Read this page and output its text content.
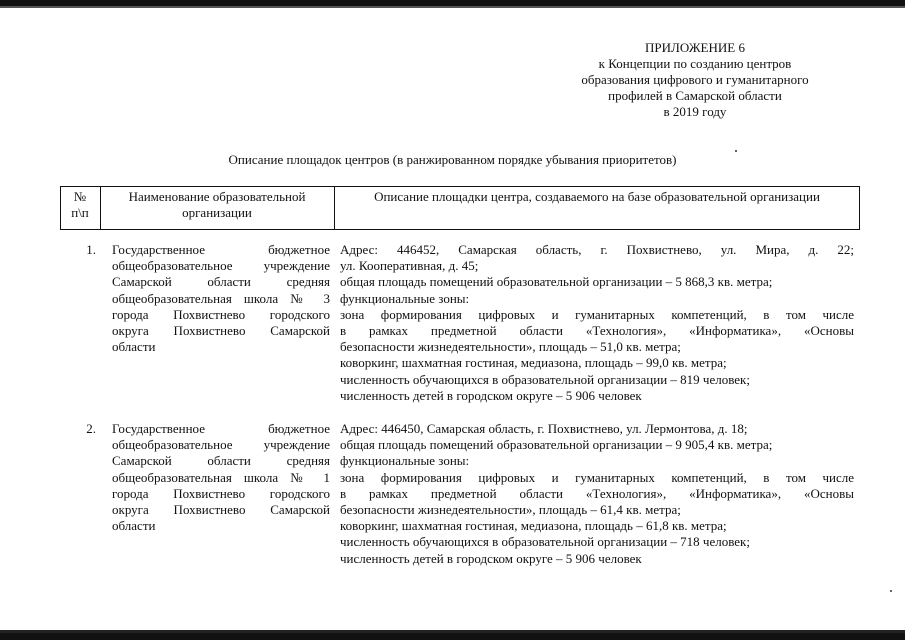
ПРИЛОЖЕНИЕ 6
к Концепции по созданию центров
образования цифрового и гуманитарного
профилей в Самарской области
в 2019 году
Описание площадок центров (в ранжированном порядке убывания приоритетов)
№
п\п
Наименование образовательной
организации
Описание площадки центра, создаваемого на базе образовательной организации
1. Государственное бюджетное
общеобразовательное учреждение
Самарской области средняя
общеобразовательная школа № 3
города Похвистнево городского
округа Похвистнево Самарской
области
Адрес: 446452, Самарская область, г. Похвистнево, ул. Мира, д. 22;
ул. Кооперативная, д. 45;
общая площадь помещений образовательной организации – 5 868,3 кв. метра;
функциональные зоны:
зона формирования цифровых и гуманитарных компетенций, в том числе
в рамках предметной области «Технология», «Информатика», «Основы
безопасности жизнедеятельности», площадь – 51,0 кв. метра;
коворкинг, шахматная гостиная, медиазона, площадь – 99,0 кв. метра;
численность обучающихся в образовательной организации – 819 человек;
численность детей в городском округе – 5 906 человек
2. Государственное бюджетное
общеобразовательное учреждение
Самарской области средняя
общеобразовательная школа № 1
города Похвистнево городского
округа Похвистнево Самарской
области
Адрес: 446450, Самарская область, г. Похвистнево, ул. Лермонтова, д. 18;
общая площадь помещений образовательной организации – 9 905,4 кв. метра;
функциональные зоны:
зона формирования цифровых и гуманитарных компетенций, в том числе
в рамках предметной области «Технология», «Информатика», «Основы
безопасности жизнедеятельности», площадь – 61,4 кв. метра;
коворкинг, шахматная гостиная, медиазона, площадь – 61,8 кв. метра;
численность обучающихся в образовательной организации – 718 человек;
численность детей в городском округе – 5 906 человек
